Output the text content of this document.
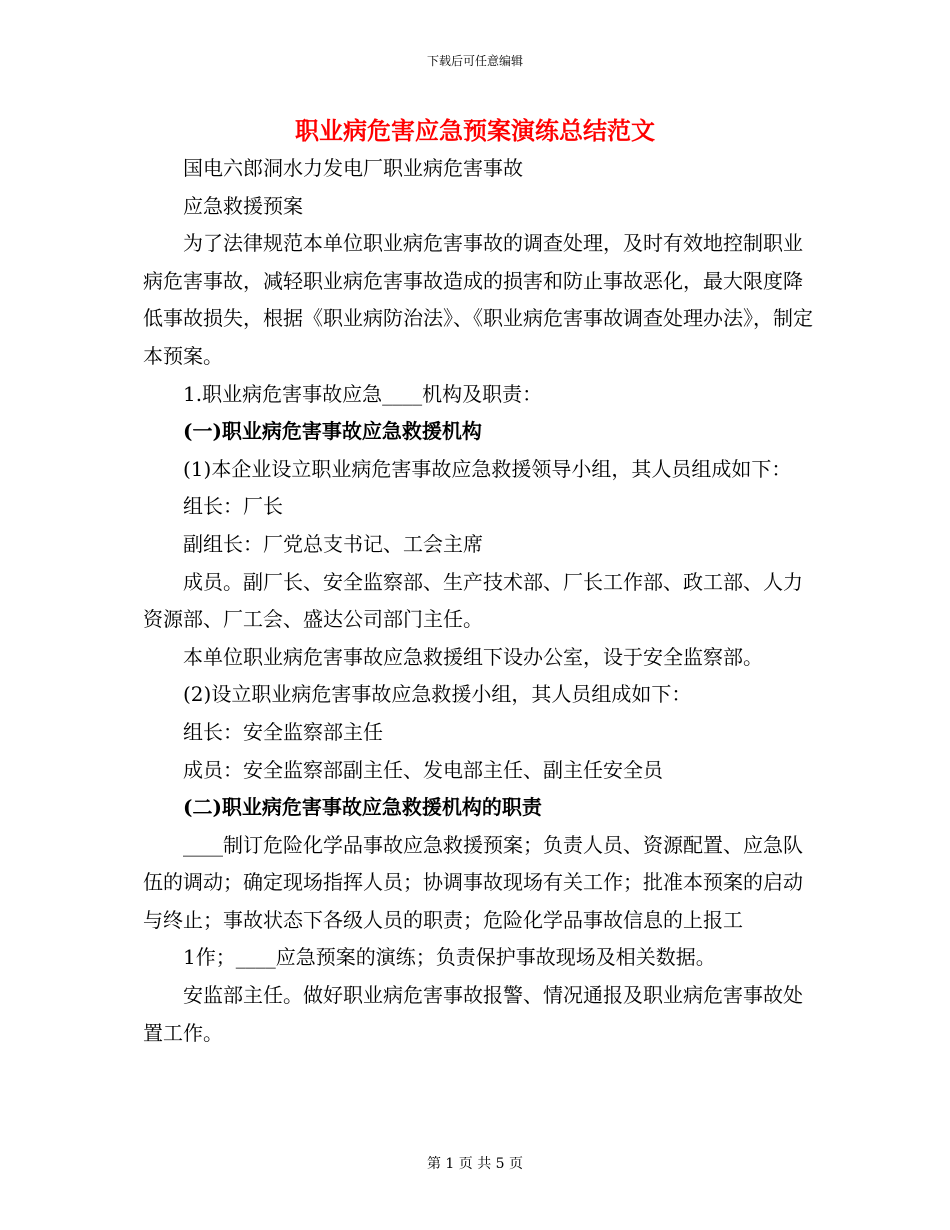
下载后可任意编辑
职业病危害应急预案演练总结范文

国电六郎洞水力发电厂职业病危害事故

应急救援预案

为了法律规范本单位职业病危害事故的调查处理，及时有效地控制职业病危害事故，减轻职业病危害事故造成的损害和防止事故恶化，最大限度降低事故损失，根据《职业病防治法》、《职业病危害事故调查处理办法》，制定本预案。

1.职业病危害事故应急____机构及职责：

(一)职业病危害事故应急救援机构

(1)本企业设立职业病危害事故应急救援领导小组，其人员组成如下：

组长：厂长

副组长：厂党总支书记、工会主席

成员。副厂长、安全监察部、生产技术部、厂长工作部、政工部、人力资源部、厂工会、盛达公司部门主任。

本单位职业病危害事故应急救援组下设办公室，设于安全监察部。

(2)设立职业病危害事故应急救援小组，其人员组成如下：

组长：安全监察部主任

成员：安全监察部副主任、发电部主任、副主任安全员

(二)职业病危害事故应急救援机构的职责

____制订危险化学品事故应急救援预案；负责人员、资源配置、应急队伍的调动；确定现场指挥人员；协调事故现场有关工作；批准本预案的启动与终止；事故状态下各级人员的职责；危险化学品事故信息的上报工

1作；____应急预案的演练；负责保护事故现场及相关数据。

安监部主任。做好职业病危害事故报警、情况通报及职业病危害事故处置工作。

第 1 页 共 5 页
